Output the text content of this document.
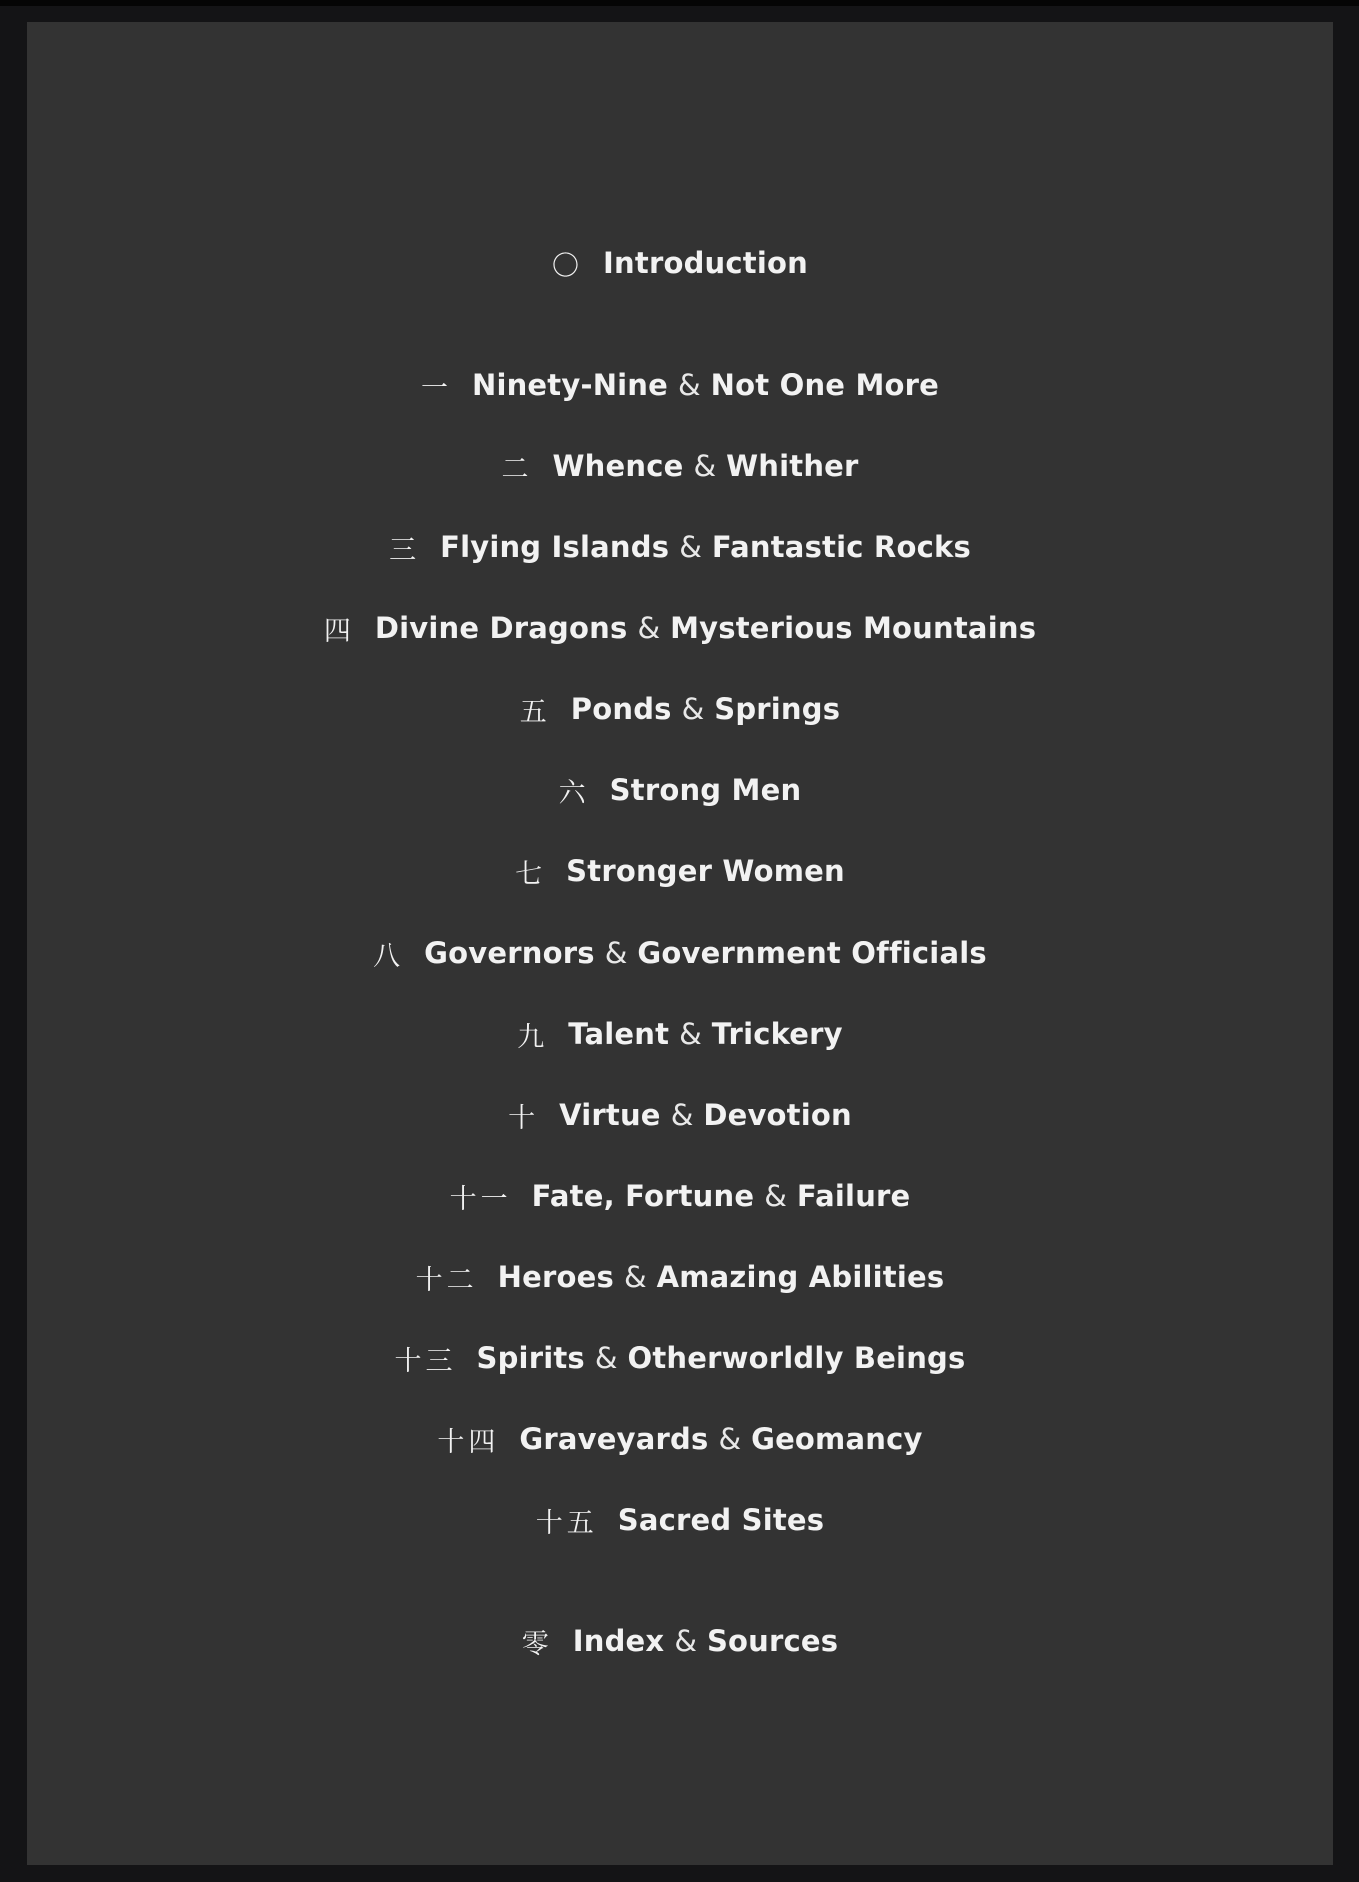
〇 Introduction
一 Ninety-Nine & Not One More
二 Whence & Whither
三 Flying Islands & Fantastic Rocks
四 Divine Dragons & Mysterious Mountains
五 Ponds & Springs
六 Strong Men
七 Stronger Women
八 Governors & Government Officials
九 Talent & Trickery
十 Virtue & Devotion
十一 Fate, Fortune & Failure
十二 Heroes & Amazing Abilities
十三 Spirits & Otherworldly Beings
十四 Graveyards & Geomancy
十五 Sacred Sites
零 Index & Sources
